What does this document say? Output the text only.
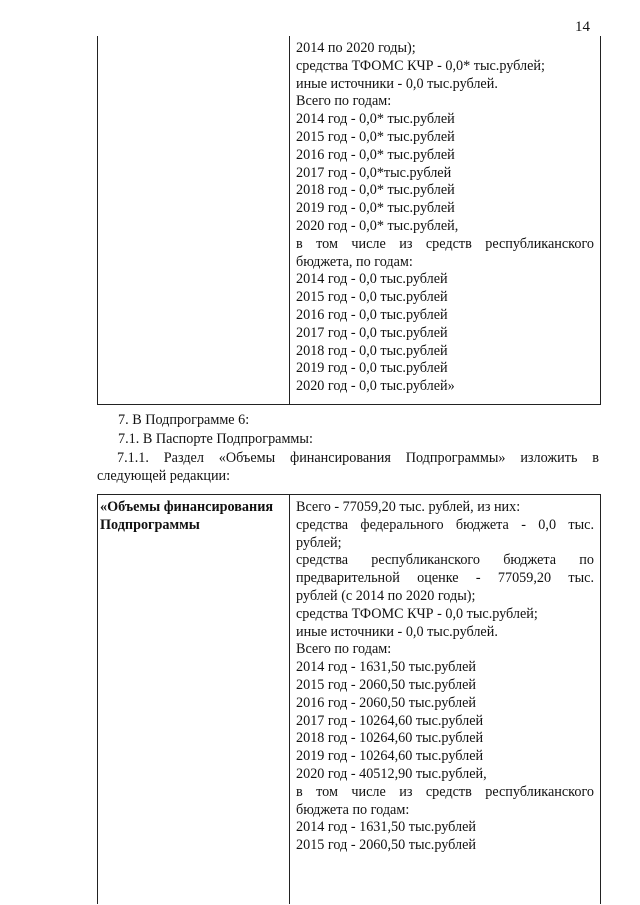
14
2014 по 2020 годы);
средства ТФОМС КЧР - 0,0* тыс.рублей;
иные источники - 0,0 тыс.рублей.
Всего по годам:
2014 год - 0,0* тыс.рублей
2015 год - 0,0* тыс.рублей
2016 год - 0,0* тыс.рублей
2017 год - 0,0*тыс.рублей
2018 год - 0,0* тыс.рублей
2019 год - 0,0* тыс.рублей
2020 год - 0,0* тыс.рублей,
в том числе из средств республиканского
бюджета, по годам:
2014 год - 0,0 тыс.рублей
2015 год - 0,0 тыс.рублей
2016 год - 0,0 тыс.рублей
2017 год - 0,0 тыс.рублей
2018 год - 0,0 тыс.рублей
2019 год - 0,0 тыс.рублей
2020 год - 0,0 тыс.рублей»
7. В Подпрограмме 6:
7.1. В Паспорте Подпрограммы:
7.1.1. Раздел «Объемы финансирования Подпрограммы» изложить в
следующей редакции:
«Объемы финансирования
Подпрограммы
Всего - 77059,20 тыс. рублей, из них:
средства федерального бюджета - 0,0 тыс.
рублей;
средства республиканского бюджета по
предварительной оценке - 77059,20 тыс.
рублей (с 2014 по 2020 годы);
средства ТФОМС КЧР - 0,0 тыс.рублей;
иные источники - 0,0 тыс.рублей.
Всего по годам:
2014 год - 1631,50 тыс.рублей
2015 год - 2060,50 тыс.рублей
2016 год - 2060,50 тыс.рублей
2017 год - 10264,60 тыс.рублей
2018 год - 10264,60 тыс.рублей
2019 год - 10264,60 тыс.рублей
2020 год - 40512,90 тыс.рублей,
в том числе из средств республиканского
бюджета по годам:
2014 год - 1631,50 тыс.рублей
2015 год - 2060,50 тыс.рублей
